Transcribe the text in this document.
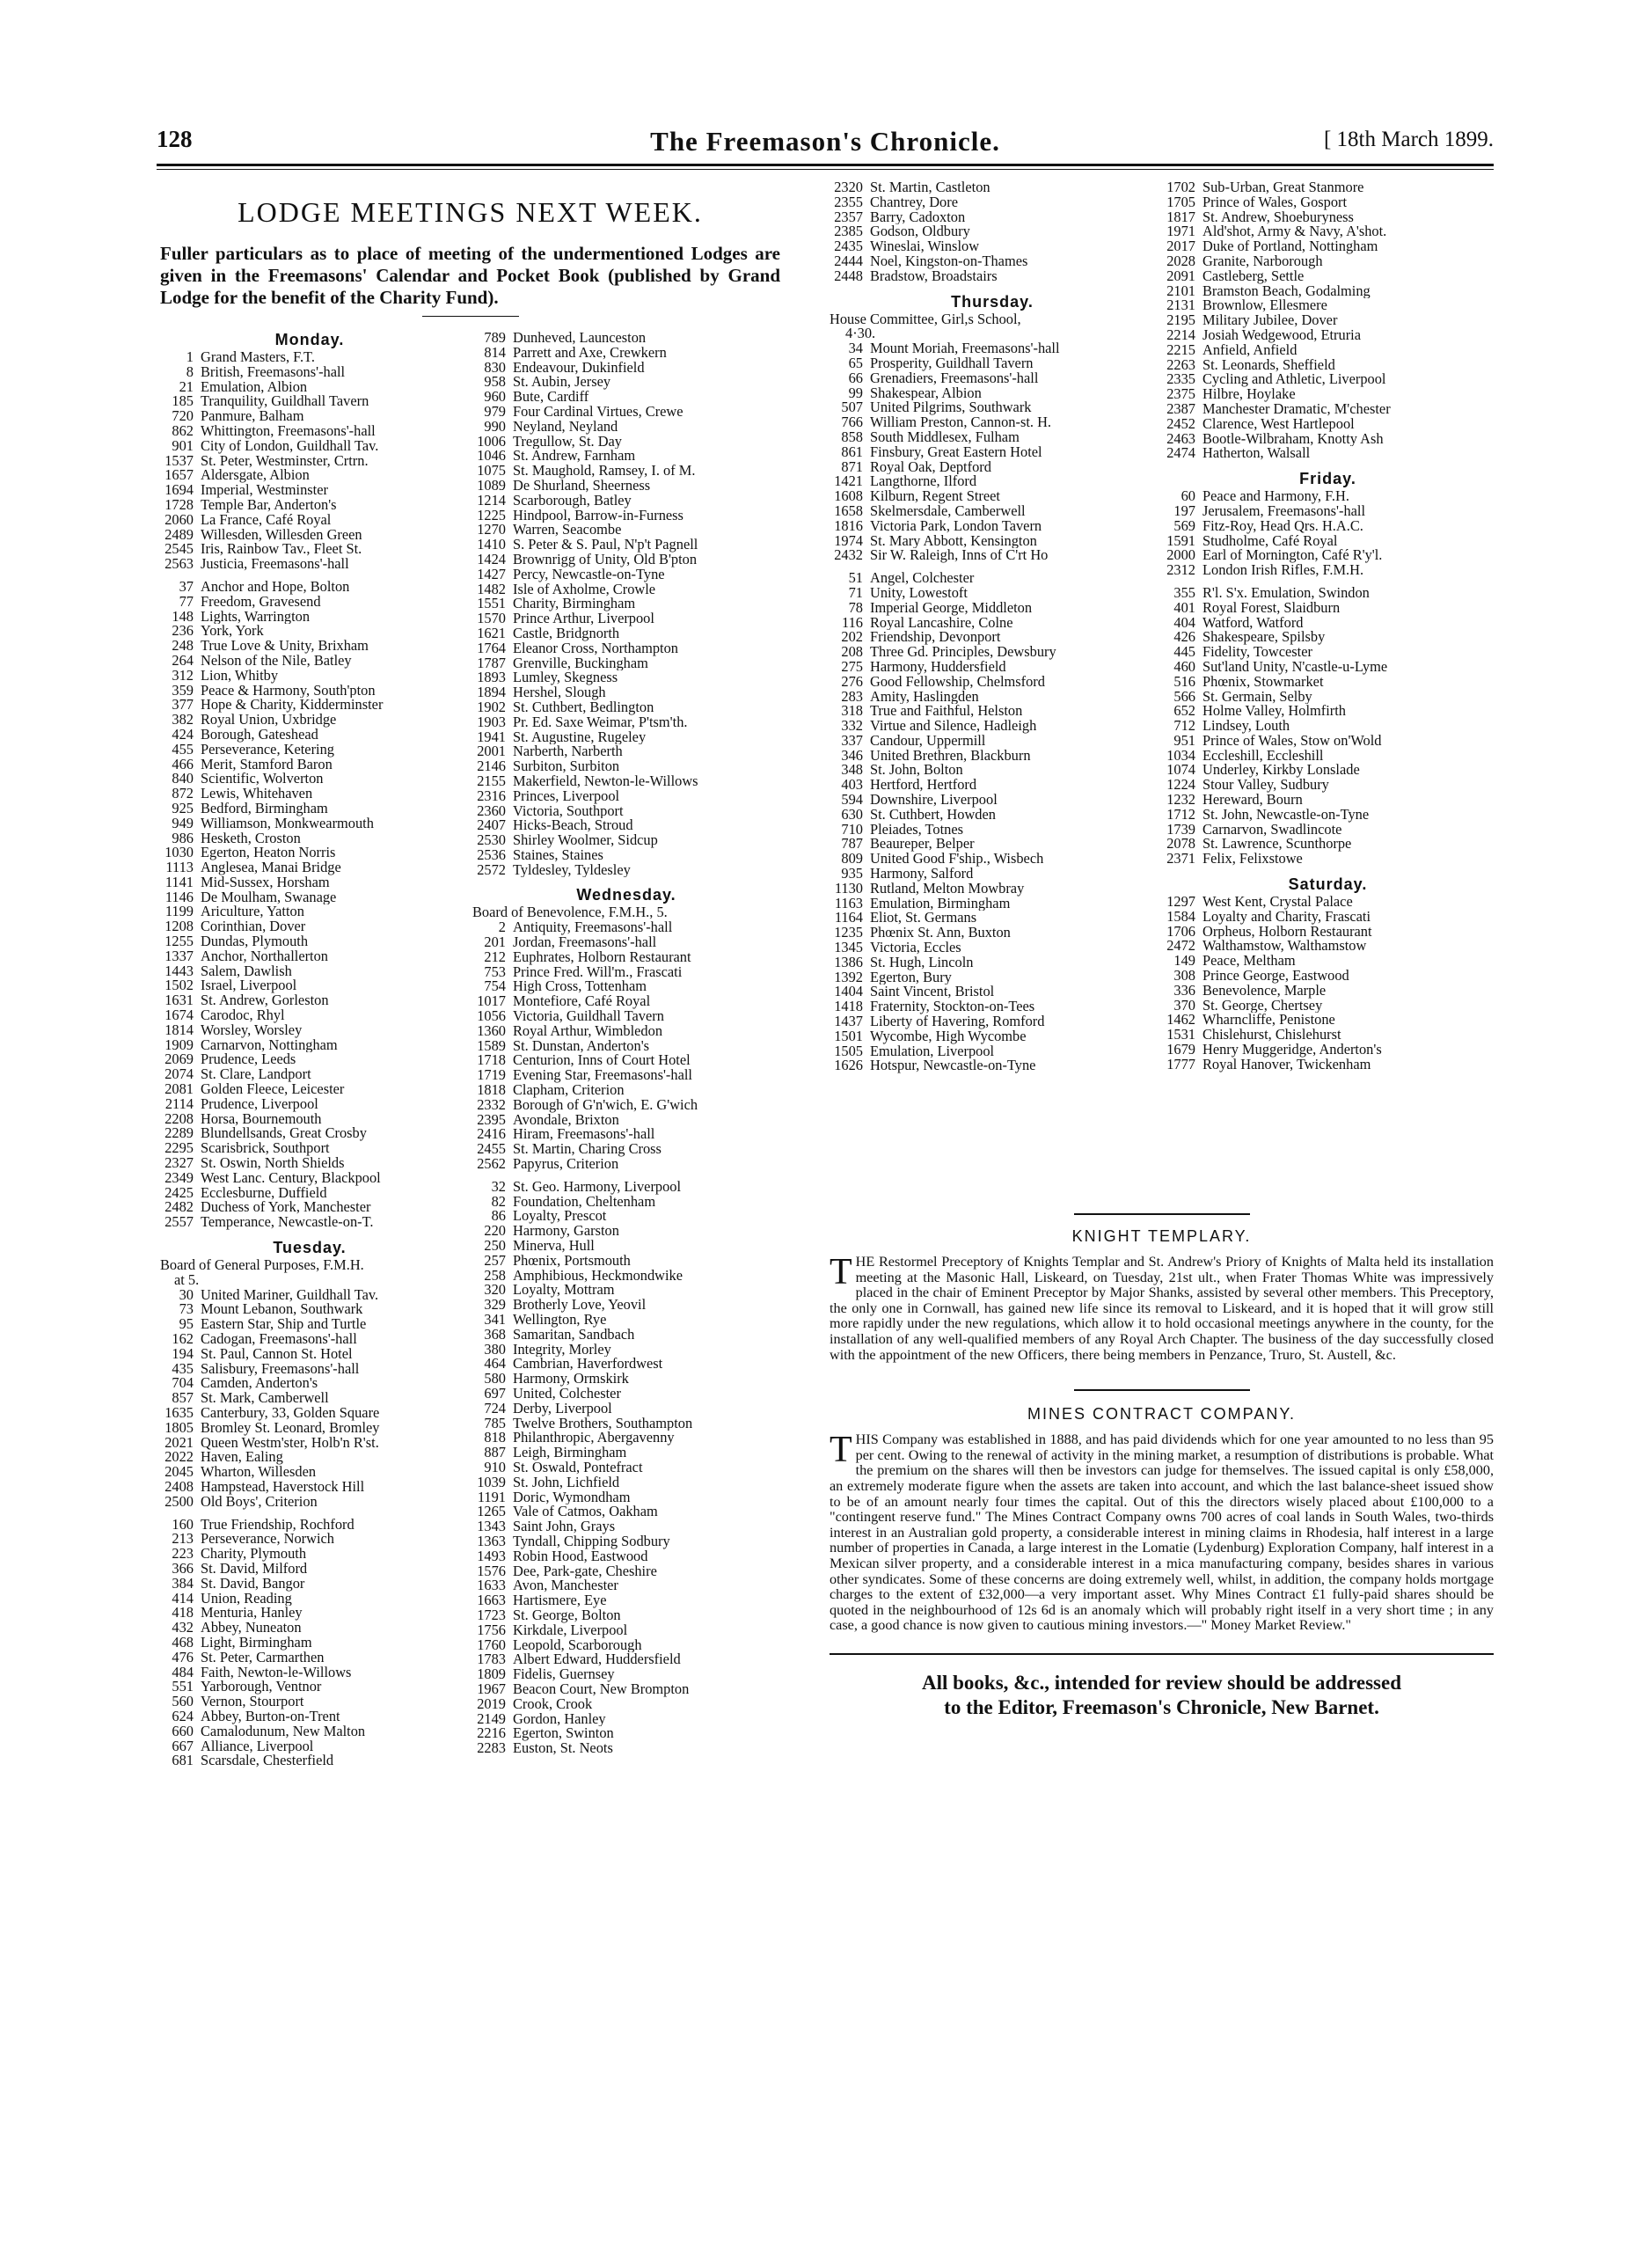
128	The Freemason's Chronicle.	[ 18th March 1899.
LODGE MEETINGS NEXT WEEK.
Fuller particulars as to place of meeting of the undermentioned Lodges are given in the Freemasons' Calendar and Pocket Book (published by Grand Lodge for the benefit of the Charity Fund).
Monday.
1 Grand Masters, F.T.
8 British, Freemasons'-hall
21 Emulation, Albion
185 Tranquility, Guildhall Tavern
720 Panmure, Balham
862 Whittington, Freemasons'-hall
901 City of London, Guildhall Tav.
1537 St. Peter, Westminster, Crtrn.
1657 Aldersgate, Albion
1694 Imperial, Westminster
1728 Temple Bar, Anderton's
2060 La France, Café Royal
2489 Willesden, Willesden Green
2545 Iris, Rainbow Tav., Fleet St.
2563 Justicia, Freemasons'-hall
37 Anchor and Hope, Bolton
77 Freedom, Gravesend
148 Lights, Warrington
236 York, York
248 True Love & Unity, Brixham
264 Nelson of the Nile, Batley
312 Lion, Whitby
359 Peace & Harmony, South'pton
377 Hope & Charity, Kidderminster
382 Royal Union, Uxbridge
424 Borough, Gateshead
455 Perseverance, Ketering
466 Merit, Stamford Baron
840 Scientific, Wolverton
872 Lewis, Whitehaven
925 Bedford, Birmingham
949 Williamson, Monkwearmouth
986 Hesketh, Croston
1030 Egerton, Heaton Norris
1113 Anglesea, Manai Bridge
1141 Mid-Sussex, Horsham
1146 De Moulham, Swanage
1199 Ariculture, Yatton
1208 Corinthian, Dover
1255 Dundas, Plymouth
1337 Anchor, Northallerton
1443 Salem, Dawlish
1502 Israel, Liverpool
1631 St. Andrew, Gorleston
1674 Carodoc, Rhyl
1814 Worsley, Worsley
1909 Carnarvon, Nottingham
2069 Prudence, Leeds
2074 St. Clare, Landport
2081 Golden Fleece, Leicester
2114 Prudence, Liverpool
2208 Horsa, Bournemouth
2289 Blundellsands, Great Crosby
2295 Scarisbrick, Southport
2327 St. Oswin, North Shields
2349 West Lanc. Century, Blackpool
2425 Ecclesburne, Duffield
2482 Duchess of York, Manchester
2557 Temperance, Newcastle-on-T.
Tuesday.
Board of General Purposes, F.M.H.
at 5.
30 United Mariner, Guildhall Tav.
73 Mount Lebanon, Southwark
95 Eastern Star, Ship and Turtle
162 Cadogan, Freemasons'-hall
194 St. Paul, Cannon St. Hotel
435 Salisbury, Freemasons'-hall
704 Camden, Anderton's
857 St. Mark, Camberwell
1635 Canterbury, 33, Golden Square
1805 Bromley St. Leonard, Bromley
2021 Queen Westm'ster, Holb'n R'st.
2022 Haven, Ealing
2045 Wharton, Willesden
2408 Hampstead, Haverstock Hill
2500 Old Boys', Criterion
160 True Friendship, Rochford
213 Perseverance, Norwich
223 Charity, Plymouth
366 St. David, Milford
384 St. David, Bangor
414 Union, Reading
418 Menturia, Hanley
432 Abbey, Nuneaton
468 Light, Birmingham
476 St. Peter, Carmarthen
484 Faith, Newton-le-Willows
551 Yarborough, Ventnor
560 Vernon, Stourport
624 Abbey, Burton-on-Trent
660 Camalodunum, New Malton
667 Alliance, Liverpool
681 Scarsdale, Chesterfield
789 Dunheved, Launceston
814 Parrett and Axe, Crewkern
830 Endeavour, Dukinfield
958 St. Aubin, Jersey
960 Bute, Cardiff
979 Four Cardinal Virtues, Crewe
990 Neyland, Neyland
1006 Tregullow, St. Day
1046 St. Andrew, Farnham
1075 St. Maughold, Ramsey, I. of M.
1089 De Shurland, Sheerness
1214 Scarborough, Batley
1225 Hindpool, Barrow-in-Furness
1270 Warren, Seacombe
1410 S. Peter & S. Paul, N'p't Pagnell
1424 Brownrigg of Unity, Old B'pton
1427 Percy, Newcastle-on-Tyne
1482 Isle of Axholme, Crowle
1551 Charity, Birmingham
1570 Prince Arthur, Liverpool
1621 Castle, Bridgnorth
1764 Eleanor Cross, Northampton
1787 Grenville, Buckingham
1893 Lumley, Skegness
1894 Hershel, Slough
1902 St. Cuthbert, Bedlington
1903 Pr. Ed. Saxe Weimar, P'tsm'th.
1941 St. Augustine, Rugeley
2001 Narberth, Narberth
2146 Surbiton, Surbiton
2155 Makerfield, Newton-le-Willows
2316 Princes, Liverpool
2360 Victoria, Southport
2407 Hicks-Beach, Stroud
2530 Shirley Woolmer, Sidcup
2536 Staines, Staines
2572 Tyldesley, Tyldesley
Wednesday.
Board of Benevolence, F.M.H., 5.
2 Antiquity, Freemasons'-hall
201 Jordan, Freemasons'-hall
212 Euphrates, Holborn Restaurant
753 Prince Fred. Will'm., Frascati
754 High Cross, Tottenham
1017 Montefiore, Café Royal
1056 Victoria, Guildhall Tavern
1360 Royal Arthur, Wimbledon
1589 St. Dunstan, Anderton's
1718 Centurion, Inns of Court Hotel
1719 Evening Star, Freemasons'-hall
1818 Clapham, Criterion
2332 Borough of G'n'wich, E. G'wich
2395 Avondale, Brixton
2416 Hiram, Freemasons'-hall
2455 St. Martin, Charing Cross
2562 Papyrus, Criterion
32 St. Geo. Harmony, Liverpool
82 Foundation, Cheltenham
86 Loyalty, Prescot
220 Harmony, Garston
250 Minerva, Hull
257 Phœnix, Portsmouth
258 Amphibious, Heckmondwike
320 Loyalty, Mottram
329 Brotherly Love, Yeovil
341 Wellington, Rye
368 Samaritan, Sandbach
380 Integrity, Morley
464 Cambrian, Haverfordwest
580 Harmony, Ormskirk
697 United, Colchester
724 Derby, Liverpool
785 Twelve Brothers, Southampton
818 Philanthropic, Abergavenny
887 Leigh, Birmingham
910 St. Oswald, Pontefract
1039 St. John, Lichfield
1191 Doric, Wymondham
1265 Vale of Catmos, Oakham
1343 Saint John, Grays
1363 Tyndall, Chipping Sodbury
1493 Robin Hood, Eastwood
1576 Dee, Park-gate, Cheshire
1633 Avon, Manchester
1663 Hartismere, Eye
1723 St. George, Bolton
1756 Kirkdale, Liverpool
1760 Leopold, Scarborough
1783 Albert Edward, Huddersfield
1809 Fidelis, Guernsey
1967 Beacon Court, New Brompton
2019 Crook, Crook
2149 Gordon, Hanley
2216 Egerton, Swinton
2283 Euston, St. Neots
2320 St. Martin, Castleton
2355 Chantrey, Dore
2357 Barry, Cadoxton
2385 Godson, Oldbury
2435 Wineslai, Winslow
2444 Noel, Kingston-on-Thames
2448 Bradstow, Broadstairs
Thursday.
House Committee, Girl,s School,
4·30.
34 Mount Moriah, Freemasons'-hall
65 Prosperity, Guildhall Tavern
66 Grenadiers, Freemasons'-hall
99 Shakespear, Albion
507 United Pilgrims, Southwark
766 William Preston, Cannon-st. H.
858 South Middlesex, Fulham
861 Finsbury, Great Eastern Hotel
871 Royal Oak, Deptford
1421 Langthorne, Ilford
1608 Kilburn, Regent Street
1658 Skelmersdale, Camberwell
1816 Victoria Park, London Tavern
1974 St. Mary Abbott, Kensington
2432 Sir W. Raleigh, Inns of C'rt Ho
51 Angel, Colchester
71 Unity, Lowestoft
78 Imperial George, Middleton
116 Royal Lancashire, Colne
202 Friendship, Devonport
208 Three Gd. Principles, Dewsbury
275 Harmony, Huddersfield
276 Good Fellowship, Chelmsford
283 Amity, Haslingden
318 True and Faithful, Helston
332 Virtue and Silence, Hadleigh
337 Candour, Uppermill
346 United Brethren, Blackburn
348 St. John, Bolton
403 Hertford, Hertford
594 Downshire, Liverpool
630 St. Cuthbert, Howden
710 Pleiades, Totnes
787 Beaureper, Belper
809 United Good F'ship., Wisbech
935 Harmony, Salford
1130 Rutland, Melton Mowbray
1163 Emulation, Birmingham
1164 Eliot, St. Germans
1235 Phœnix St. Ann, Buxton
1345 Victoria, Eccles
1386 St. Hugh, Lincoln
1392 Egerton, Bury
1404 Saint Vincent, Bristol
1418 Fraternity, Stockton-on-Tees
1437 Liberty of Havering, Romford
1501 Wycombe, High Wycombe
1505 Emulation, Liverpool
1626 Hotspur, Newcastle-on-Tyne
1702 Sub-Urban, Great Stanmore
1705 Prince of Wales, Gosport
1817 St. Andrew, Shoeburyness
1971 Ald'shot, Army & Navy, A'shot.
2017 Duke of Portland, Nottingham
2028 Granite, Narborough
2091 Castleberg, Settle
2101 Bramston Beach, Godalming
2131 Brownlow, Ellesmere
2195 Military Jubilee, Dover
2214 Josiah Wedgewood, Etruria
2215 Anfield, Anfield
2263 St. Leonards, Sheffield
2335 Cycling and Athletic, Liverpool
2375 Hilbre, Hoylake
2387 Manchester Dramatic, M'chester
2452 Clarence, West Hartlepool
2463 Bootle-Wilbraham, Knotty Ash
2474 Hatherton, Walsall
Friday.
60 Peace and Harmony, F.H.
197 Jerusalem, Freemasons'-hall
569 Fitz-Roy, Head Qrs. H.A.C.
1591 Studholme, Café Royal
2000 Earl of Mornington, Café R'y'l.
2312 London Irish Rifles, F.M.H.
355 R'l. S'x. Emulation, Swindon
401 Royal Forest, Slaidburn
404 Watford, Watford
426 Shakespeare, Spilsby
445 Fidelity, Towcester
460 Sut'land Unity, N'castle-u-Lyme
516 Phœnix, Stowmarket
566 St. Germain, Selby
652 Holme Valley, Holmfirth
712 Lindsey, Louth
951 Prince of Wales, Stow on'Wold
1034 Eccleshill, Eccleshill
1074 Underley, Kirkby Lonslade
1224 Stour Valley, Sudbury
1232 Hereward, Bourn
1712 St. John, Newcastle-on-Tyne
1739 Carnarvon, Swadlincote
2078 St. Lawrence, Scunthorpe
2371 Felix, Felixstowe
Saturday.
1297 West Kent, Crystal Palace
1584 Loyalty and Charity, Frascati
1706 Orpheus, Holborn Restaurant
2472 Walthamstow, Walthamstow
149 Peace, Meltham
308 Prince George, Eastwood
336 Benevolence, Marple
370 St. George, Chertsey
1462 Wharncliffe, Penistone
1531 Chislehurst, Chislehurst
1679 Henry Muggeridge, Anderton's
1777 Royal Hanover, Twickenham
KNIGHT TEMPLARY.
T HE Restormel Preceptory of Knights Templar and St. Andrew's Priory of Knights of Malta held its installation meeting at the Masonic Hall, Liskeard, on Tuesday, 21st ult., when Frater Thomas White was impressively placed in the chair of Eminent Preceptor by Major Shanks, assisted by several other members. This Preceptory, the only one in Cornwall, has gained new life since its removal to Liskeard, and it is hoped that it will grow still more rapidly under the new regulations, which allow it to hold occasional meetings anywhere in the county, for the installation of any well-qualified members of any Royal Arch Chapter. The business of the day successfully closed with the appointment of the new Officers, there being members in Penzance, Truro, St. Austell, &c.
MINES CONTRACT COMPANY.
T HIS Company was established in 1888, and has paid dividends which for one year amounted to no less than 95 per cent. Owing to the renewal of activity in the mining market, a resumption of distributions is probable. What the premium on the shares will then be investors can judge for themselves. The issued capital is only £58,000, an extremely moderate figure when the assets are taken into account, and which the last balance-sheet issued show to be of an amount nearly four times the capital. Out of this the directors wisely placed about £100,000 to a "contingent reserve fund." The Mines Contract Company owns 700 acres of coal lands in South Wales, two-thirds interest in an Australian gold property, a considerable interest in mining claims in Rhodesia, half interest in a large number of properties in Canada, a large interest in the Lomatie (Lydenburg) Exploration Company, half interest in a Mexican silver property, and a considerable interest in a mica manufacturing company, besides shares in various other syndicates. Some of these concerns are doing extremely well, whilst, in addition, the company holds mortgage charges to the extent of £32,000—a very important asset. Why Mines Contract £1 fully-paid shares should be quoted in the neighbourhood of 12s 6d is an anomaly which will probably right itself in a very short time ; in any case, a good chance is now given to cautious mining investors.—" Money Market Review."
All books, &c., intended for review should be addressed
to the Editor, Freemason's Chronicle, New Barnet.
